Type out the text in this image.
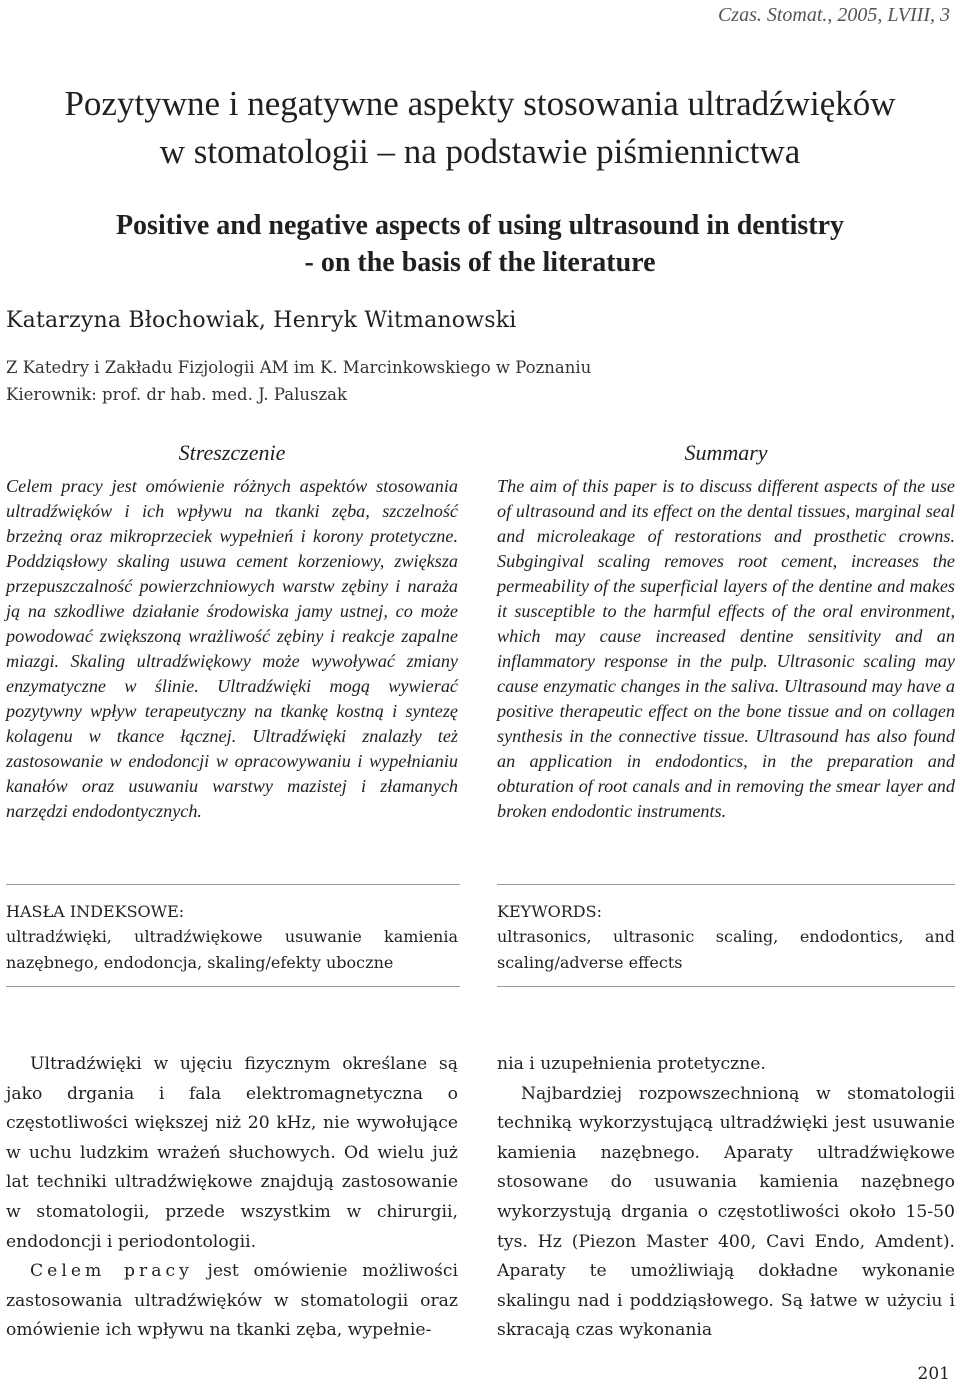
Czas. Stomat., 2005, LVIII, 3
Pozytywne i negatywne aspekty stosowania ultradźwięków
w stomatologii – na podstawie piśmiennictwa
Positive and negative aspects of using ultrasound in dentistry
- on the basis of the literature
Katarzyna Błochowiak, Henryk Witmanowski
Z Katedry i Zakładu Fizjologii AM im K. Marcinkowskiego w Poznaniu
Kierownik: prof. dr hab. med. J. Paluszak

Streszczenie

Celem pracy jest omówienie różnych aspektów stosowania ultradźwięków i ich wpływu na tkanki zęba, szczelność brzeżną oraz mikroprzeciek wypełnień i korony protetyczne. Poddziąsłowy skaling usuwa cement korzeniowy, zwiększa przepuszczalność powierzchniowych warstw zębiny i naraża ją na szkodliwe działanie środowiska jamy ustnej, co może powodować zwiększoną wrażliwość zębiny i reakcje zapalne miazgi. Skaling ultradźwiękowy może wywoływać zmiany enzymatyczne w ślinie. Ultradźwięki mogą wywierać pozytywny wpływ terapeutyczny na tkankę kostną i syntezę kolagenu w tkance łącznej. Ultradźwięki znalazły też zastosowanie w endodoncji w opracowywaniu i wypełnianiu kanałów oraz usuwaniu warstwy mazistej i złamanych narzędzi endodontycznych.

Summary

The aim of this paper is to discuss different aspects of the use of ultrasound and its effect on the dental tissues, marginal seal and microleakage of restorations and prosthetic crowns. Subgingival scaling removes root cement, increases the permeability of the superficial layers of the dentine and makes it susceptible to the harmful effects of the oral environment, which may cause increased dentine sensitivity and an inflammatory response in the pulp. Ultrasonic scaling may cause enzymatic changes in the saliva. Ultrasound may have a positive therapeutic effect on the bone tissue and on collagen synthesis in the connective tissue. Ultrasound has also found an application in endodontics, in the preparation and obturation of root canals and in removing the smear layer and broken endodontic instruments.

HASŁA INDEKSOWE:

ultradźwięki, ultradźwiękowe usuwanie kamienia nazębnego, endodoncja, skaling/efekty uboczne

KEYWORDS:

ultrasonics, ultrasonic scaling, endodontics, and scaling/adverse effects

Ultradźwięki w ujęciu fizycznym określane są jako drgania i fala elektromagnetyczna o częstotliwości większej niż 20 kHz, nie wywołujące w uchu ludzkim wrażeń słuchowych. Od wielu już lat techniki ultradźwiękowe znajdują zastosowanie w stomatologii, przede wszystkim w chirurgii, endodoncji i periodontologii.

Celem pracy jest omówienie możliwości zastosowania ultradźwięków w stomatologii oraz omówienie ich wpływu na tkanki zęba, wypełnie-

nia i uzupełnienia protetyczne.

Najbardziej rozpowszechnioną w stomatologii techniką wykorzystującą ultradźwięki jest usuwanie kamienia nazębnego. Aparaty ultradźwiękowe stosowane do usuwania kamienia nazębnego wykorzystują drgania o częstotliwości około 15-50 tys. Hz (Piezon Master 400, Cavi Endo, Amdent). Aparaty te umożliwiają dokładne wykonanie skalingu nad i poddziąsłowego. Są łatwe w użyciu i skracają czas wykonania

201
